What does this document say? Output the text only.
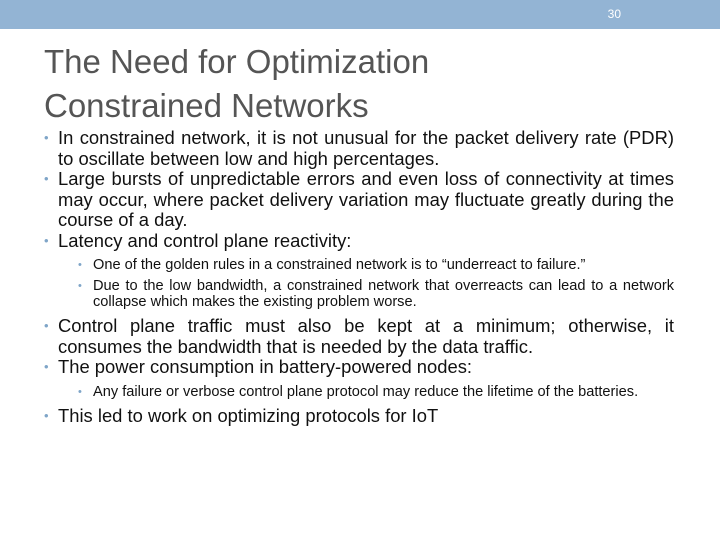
30
The Need for Optimization
Constrained Networks
• In constrained network, it is not unusual for the packet delivery rate (PDR) to oscillate between low and high percentages.
• Large bursts of unpredictable errors and even loss of connectivity at times may occur, where packet delivery variation may fluctuate greatly during the course of a day.
• Latency and control plane reactivity:
• One of the golden rules in a constrained network is to “underreact to failure.”
• Due to the low bandwidth, a constrained network that overreacts can lead to a network collapse which makes the existing problem worse.
• Control plane traffic must also be kept at a minimum; otherwise, it consumes the bandwidth that is needed by the data traffic.
• The power consumption in battery-powered nodes:
• Any failure or verbose control plane protocol may reduce the lifetime of the batteries.
• This led to work on optimizing protocols for IoT
